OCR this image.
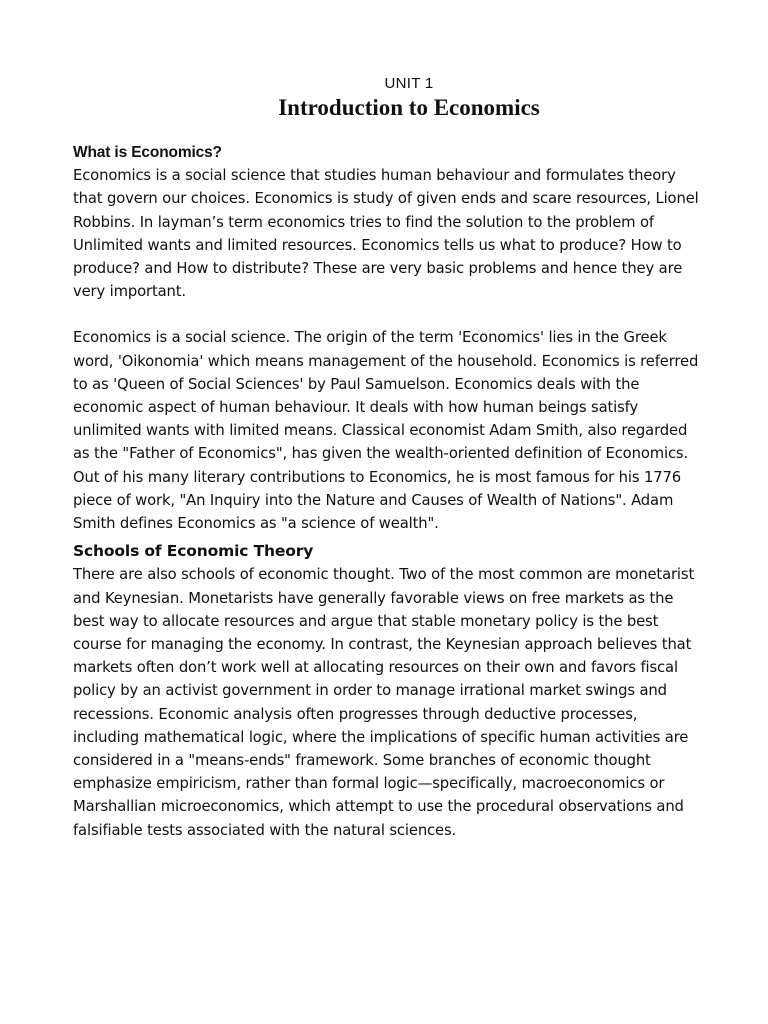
UNIT 1
Introduction to Economics
What is Economics?

Economics is a social science that studies human behaviour and formulates theory that govern our choices. Economics is study of given ends and scare resources, Lionel Robbins. In layman’s term economics tries to find the solution to the problem of Unlimited wants and limited resources. Economics tells us what to produce? How to produce? and How to distribute? These are very basic problems and hence they are very important.

Economics is a social science. The origin of the term 'Economics' lies in the Greek word, 'Oikonomia' which means management of the household. Economics is referred to as 'Queen of Social Sciences' by Paul Samuelson. Economics deals with the economic aspect of human behaviour. It deals with how human beings satisfy unlimited wants with limited means. Classical economist Adam Smith, also regarded as the "Father of Economics", has given the wealth-oriented definition of Economics. Out of his many literary contributions to Economics, he is most famous for his 1776 piece of work, "An Inquiry into the Nature and Causes of Wealth of Nations". Adam Smith defines Economics as "a science of wealth".

Schools of Economic Theory

There are also schools of economic thought. Two of the most common are monetarist and Keynesian. Monetarists have generally favorable views on free markets as the best way to allocate resources and argue that stable monetary policy is the best course for managing the economy. In contrast, the Keynesian approach believes that markets often don’t work well at allocating resources on their own and favors fiscal policy by an activist government in order to manage irrational market swings and recessions. Economic analysis often progresses through deductive processes, including mathematical logic, where the implications of specific human activities are considered in a "means-ends" framework. Some branches of economic thought emphasize empiricism, rather than formal logic—specifically, macroeconomics or Marshallian microeconomics, which attempt to use the procedural observations and falsifiable tests associated with the natural sciences.
